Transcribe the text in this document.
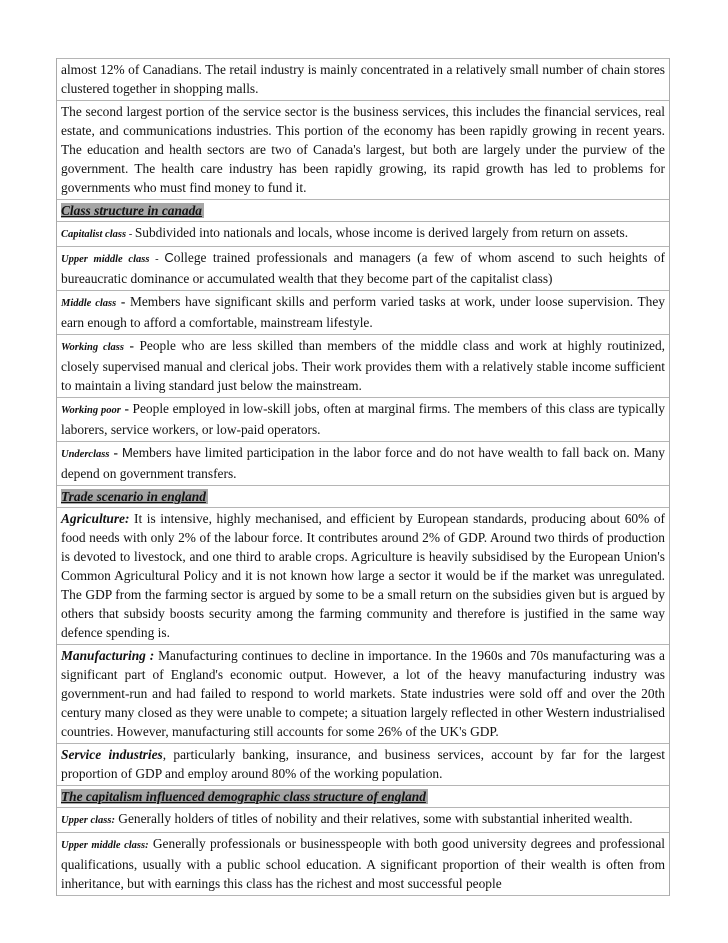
almost 12% of Canadians. The retail industry is mainly concentrated in a relatively small number of chain stores clustered together in shopping malls.
The second largest portion of the service sector is the business services, this includes the financial services, real estate, and communications industries. This portion of the economy has been rapidly growing in recent years. The education and health sectors are two of Canada's largest, but both are largely under the purview of the government. The health care industry has been rapidly growing, its rapid growth has led to problems for governments who must find money to fund it.
Class structure in canada
Capitalist class - Subdivided into nationals and locals, whose income is derived largely from return on assets.
Upper middle class - College trained professionals and managers (a few of whom ascend to such heights of bureaucratic dominance or accumulated wealth that they become part of the capitalist class)
Middle class - Members have significant skills and perform varied tasks at work, under loose supervision. They earn enough to afford a comfortable, mainstream lifestyle.
Working class - People who are less skilled than members of the middle class and work at highly routinized, closely supervised manual and clerical jobs. Their work provides them with a relatively stable income sufficient to maintain a living standard just below the mainstream.
Working poor - People employed in low-skill jobs, often at marginal firms. The members of this class are typically laborers, service workers, or low-paid operators.
Underclass - Members have limited participation in the labor force and do not have wealth to fall back on. Many depend on government transfers.
Trade scenario in england
Agriculture: It is intensive, highly mechanised, and efficient by European standards, producing about 60% of food needs with only 2% of the labour force. It contributes around 2% of GDP. Around two thirds of production is devoted to livestock, and one third to arable crops. Agriculture is heavily subsidised by the European Union's Common Agricultural Policy and it is not known how large a sector it would be if the market was unregulated. The GDP from the farming sector is argued by some to be a small return on the subsidies given but is argued by others that subsidy boosts security among the farming community and therefore is justified in the same way defence spending is.
Manufacturing : Manufacturing continues to decline in importance. In the 1960s and 70s manufacturing was a significant part of England's economic output. However, a lot of the heavy manufacturing industry was government-run and had failed to respond to world markets. State industries were sold off and over the 20th century many closed as they were unable to compete; a situation largely reflected in other Western industrialised countries. However, manufacturing still accounts for some 26% of the UK's GDP.
Service industries, particularly banking, insurance, and business services, account by far for the largest proportion of GDP and employ around 80% of the working population.
The capitalism influenced demographic class structure of england
Upper class: Generally holders of titles of nobility and their relatives, some with substantial inherited wealth.
Upper middle class: Generally professionals or businesspeople with both good university degrees and professional qualifications, usually with a public school education. A significant proportion of their wealth is often from inheritance, but with earnings this class has the richest and most successful people
